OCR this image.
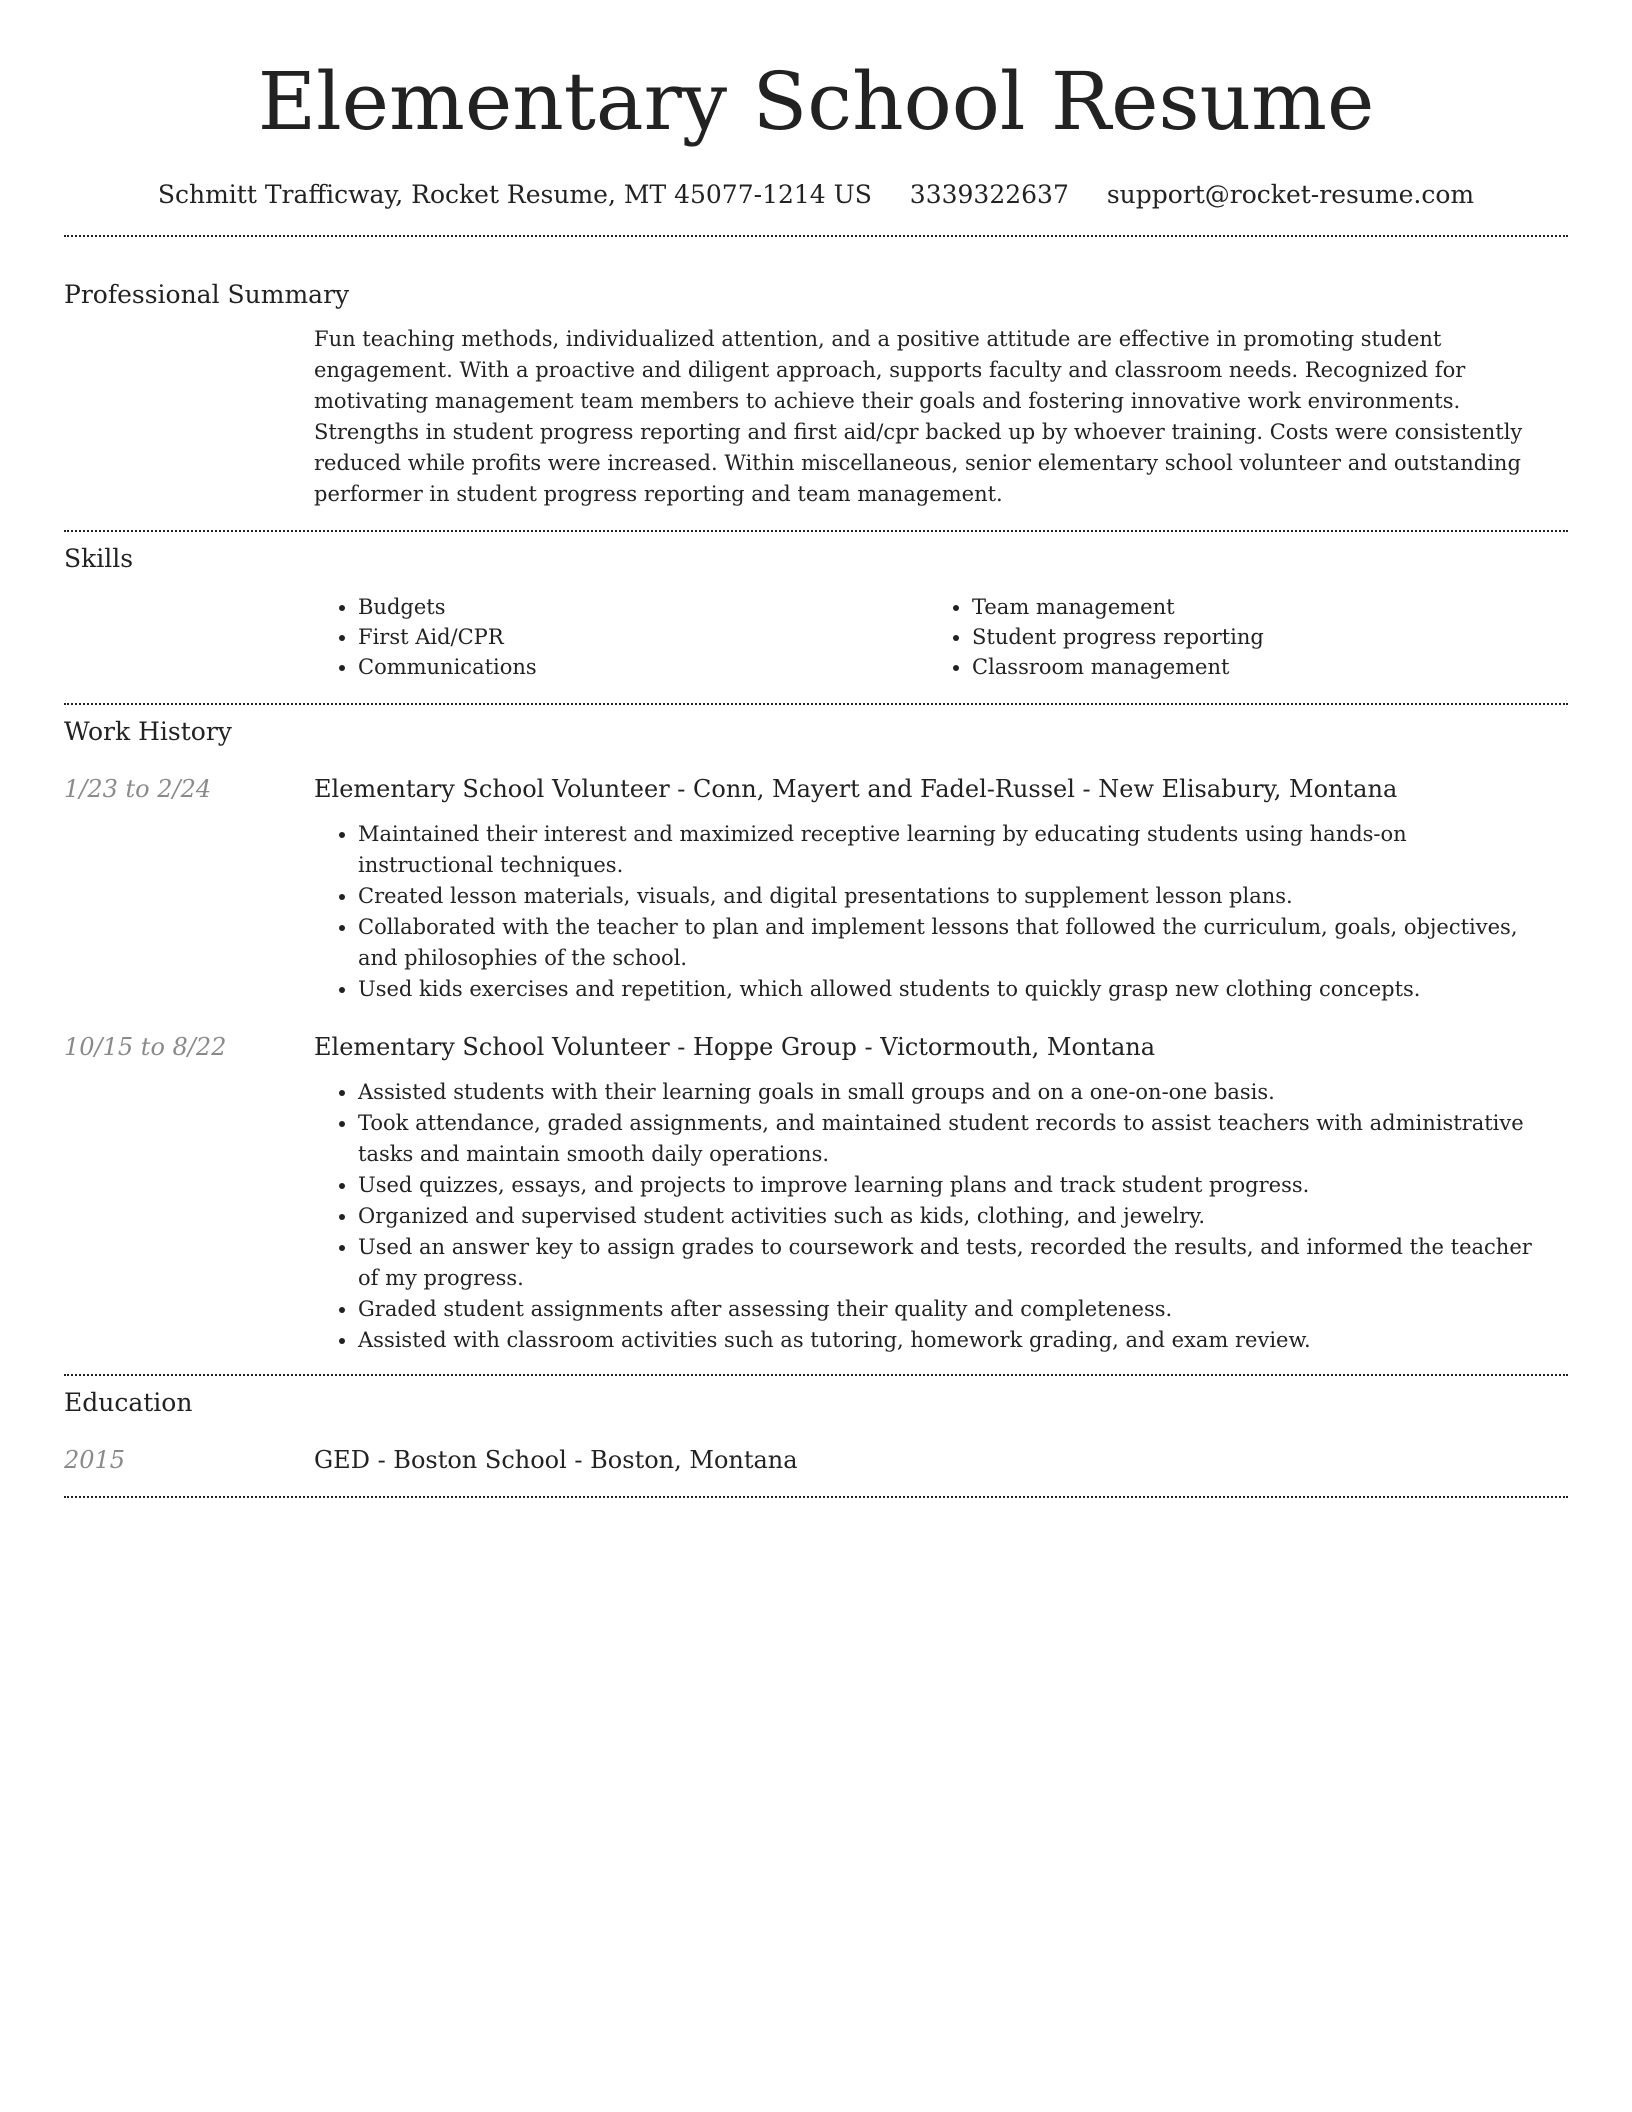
Elementary School Resume
Schmitt Trafficway, Rocket Resume, MT 45077-1214 US 3339322637 support@rocket-resume.com
Professional Summary

Fun teaching methods, individualized attention, and a positive attitude are effective in promoting student engagement. With a proactive and diligent approach, supports faculty and classroom needs. Recognized for motivating management team members to achieve their goals and fostering innovative work environments. Strengths in student progress reporting and first aid/cpr backed up by whoever training. Costs were consistently reduced while profits were increased. Within miscellaneous, senior elementary school volunteer and outstanding performer in student progress reporting and team management.

Skills
• Budgets
• First Aid/CPR
• Communications
• Team management
• Student progress reporting
• Classroom management
Work History
1/23 to 2/24	Elementary School Volunteer - Conn, Mayert and Fadel-Russel - New Elisabury, Montana
• Maintained their interest and maximized receptive learning by educating students using hands-on instructional techniques.
• Created lesson materials, visuals, and digital presentations to supplement lesson plans.
• Collaborated with the teacher to plan and implement lessons that followed the curriculum, goals, objectives, and philosophies of the school.
• Used kids exercises and repetition, which allowed students to quickly grasp new clothing concepts.
10/15 to 8/22	Elementary School Volunteer - Hoppe Group - Victormouth, Montana
• Assisted students with their learning goals in small groups and on a one-on-one basis.
• Took attendance, graded assignments, and maintained student records to assist teachers with administrative tasks and maintain smooth daily operations.
• Used quizzes, essays, and projects to improve learning plans and track student progress.
• Organized and supervised student activities such as kids, clothing, and jewelry.
• Used an answer key to assign grades to coursework and tests, recorded the results, and informed the teacher of my progress.
• Graded student assignments after assessing their quality and completeness.
• Assisted with classroom activities such as tutoring, homework grading, and exam review.
Education
2015	GED - Boston School - Boston, Montana
